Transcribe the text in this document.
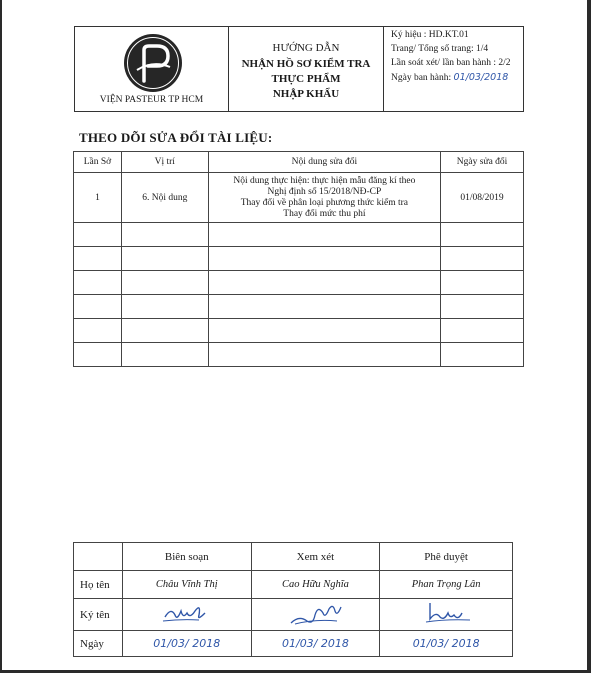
VIỆN PASTEUR TP HCM
HƯỚNG DẪN
NHẬN HỒ SƠ KIỂM TRA
THỰC PHẨM
NHẬP KHẨU
Ký hiệu : HD.KT.01
Trang/ Tổng số trang: 1/4
Lần soát xét/ lần ban hành : 2/2
Ngày ban hành: 01/03/2018
THEO DÕI SỬA ĐỔI TÀI LIỆU:
Lần Sở	Vị trí	Nội dung sửa đổi	Ngày sửa đổi
1	6. Nội dung	Nội dung thực hiện: thực hiện mẫu đăng kí theo
Nghị định số 15/2018/NĐ-CP
Thay đổi về phân loại phương thức kiểm tra
Thay đổi mức thu phí	01/08/2019

	Biên soạn	Xem xét	Phê duyệt
Họ tên	Châu Vĩnh Thị	Cao Hữu Nghĩa	Phan Trọng Lân
Ký tên			
Ngày	01/03/ 2018	01/03/ 2018	01/03/ 2018
